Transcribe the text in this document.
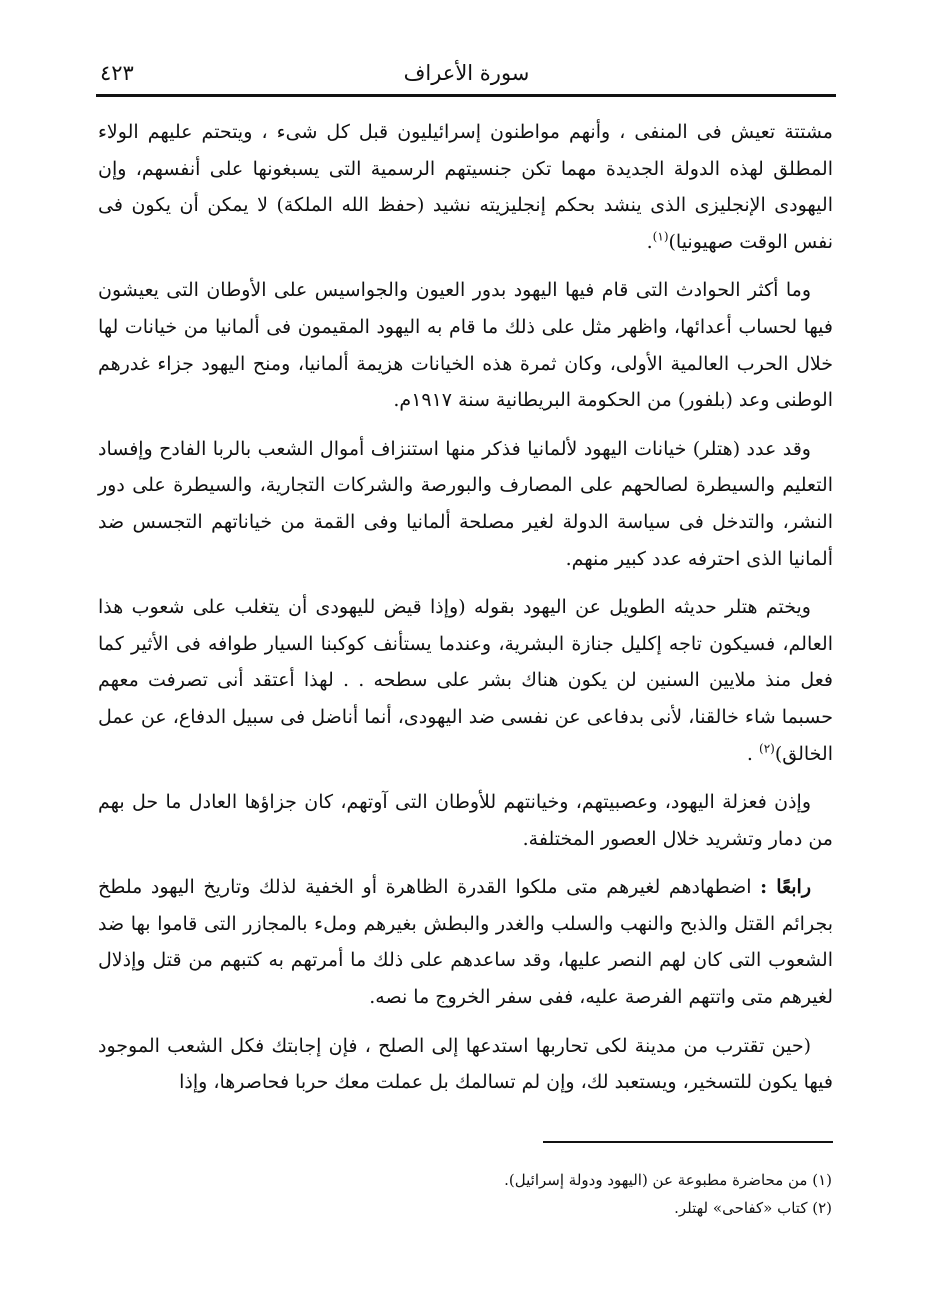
سورة الأعراف
٤٢٣

مشتتة تعيش فى المنفى ، وأنهم مواطنون إسرائيليون قبل كل شىء ، ويتحتم عليهم الولاء المطلق لهذه الدولة الجديدة مهما تكن جنسيتهم الرسمية التى يسبغونها على أنفسهم، وإن اليهودى الإنجليزى الذى ينشد بحكم إنجليزيته نشيد (حفظ الله الملكة) لا يمكن أن يكون فى نفس الوقت صهيونيا)$^{(١)}$.

وما أكثر الحوادث التى قام فيها اليهود بدور العيون والجواسيس على الأوطان التى يعيشون فيها لحساب أعدائها، واظهر مثل على ذلك ما قام به اليهود المقيمون فى ألمانيا من خيانات لها خلال الحرب العالمية الأولى، وكان ثمرة هذه الخيانات هزيمة ألمانيا، ومنح اليهود جزاء غدرهم الوطنى وعد (بلفور) من الحكومة البريطانية سنة ١٩١٧م.

وقد عدد (هتلر) خيانات اليهود لألمانيا فذكر منها استنزاف أموال الشعب بالربا الفادح وإفساد التعليم والسيطرة لصالحهم على المصارف والبورصة والشركات التجارية، والسيطرة على دور النشر، والتدخل فى سياسة الدولة لغير مصلحة ألمانيا وفى القمة من خياناتهم التجسس ضد ألمانيا الذى احترفه عدد كبير منهم.

ويختم هتلر حديثه الطويل عن اليهود بقوله (وإذا قيض لليهودى أن يتغلب على شعوب هذا العالم، فسيكون تاجه إكليل جنازة البشرية، وعندما يستأنف كوكبنا السيار طوافه فى الأثير كما فعل منذ ملايين السنين لن يكون هناك بشر على سطحه . . لهذا أعتقد أنى تصرفت معهم حسبما شاء خالقنا، لأنى بدفاعى عن نفسى ضد اليهودى، أنما أناضل فى سبيل الدفاع، عن عمل الخالق)$^{(٢)}$ .

وإذن فعزلة اليهود، وعصبيتهم، وخيانتهم للأوطان التى آوتهم، كان جزاؤها العادل ما حل بهم من دمار وتشريد خلال العصور المختلفة.

رابعًا : اضطهادهم لغيرهم متى ملكوا القدرة الظاهرة أو الخفية لذلك وتاريخ اليهود ملطخ بجرائم القتل والذبح والنهب والسلب والغدر والبطش بغيرهم وملء بالمجازر التى قاموا بها ضد الشعوب التى كان لهم النصر عليها، وقد ساعدهم على ذلك ما أمرتهم به كتبهم من قتل وإذلال لغيرهم متى واتتهم الفرصة عليه، ففى سفر الخروج ما نصه.

(حين تقترب من مدينة لكى تحاربها استدعها إلى الصلح ، فإن إجابتك فكل الشعب الموجود فيها يكون للتسخير، ويستعبد لك، وإن لم تسالمك بل عملت معك حربا فحاصرها، وإذا

(١) من محاضرة مطبوعة عن (اليهود ودولة إسرائيل).
(٢) كتاب «كفاحى» لهتلر.
